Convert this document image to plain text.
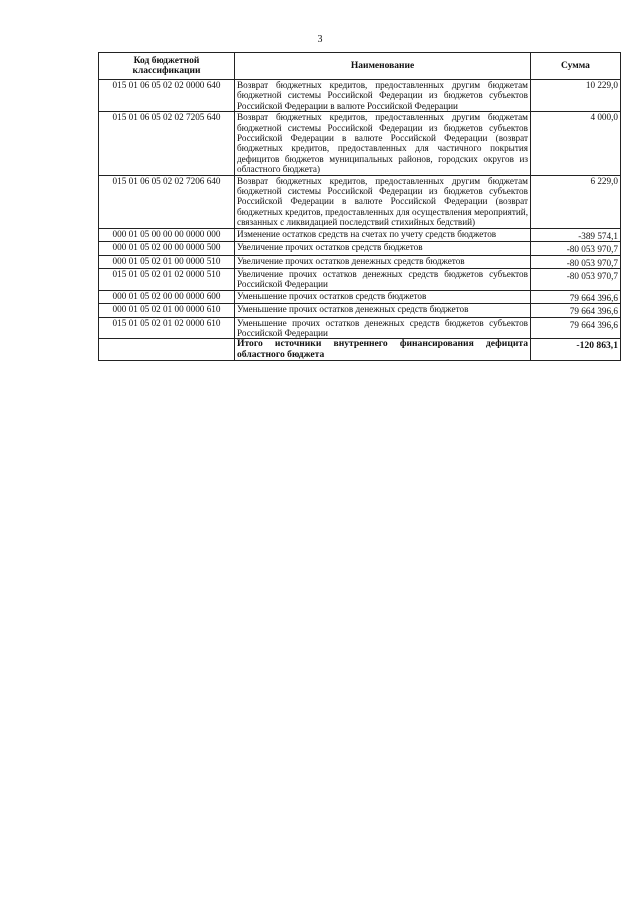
3
Код бюджетной классификации	Наименование	Сумма
015 01 06 05 02 02 0000 640	Возврат бюджетных кредитов, предоставленных другим бюджетам бюджетной системы Российской Федерации из бюджетов субъектов Российской Федерации в валюте Российской Федерации	10 229,0
015 01 06 05 02 02 7205 640	Возврат бюджетных кредитов, предоставленных другим бюджетам бюджетной системы Российской Федерации из бюджетов субъектов Российской Федерации в валюте Российской Федерации (возврат бюджетных кредитов, предоставленных для частичного покрытия дефицитов бюджетов муниципальных районов, городских округов из областного бюджета)	4 000,0
015 01 06 05 02 02 7206 640	Возврат бюджетных кредитов, предоставленных другим бюджетам бюджетной системы Российской Федерации из бюджетов субъектов Российской Федерации в валюте Российской Федерации (возврат бюджетных кредитов, предоставленных для осуществления мероприятий, связанных с ликвидацией последствий стихийных бедствий)	6 229,0
000 01 05 00 00 00 0000 000	Изменение остатков средств на счетах по учету средств бюджетов	-389 574,1
000 01 05 02 00 00 0000 500	Увеличение прочих остатков средств бюджетов	-80 053 970,7
000 01 05 02 01 00 0000 510	Увеличение прочих остатков денежных средств бюджетов	-80 053 970,7
015 01 05 02 01 02 0000 510	Увеличение прочих остатков денежных средств бюджетов субъектов Российской Федерации	-80 053 970,7
000 01 05 02 00 00 0000 600	Уменьшение прочих остатков средств бюджетов	79 664 396,6
000 01 05 02 01 00 0000 610	Уменьшение прочих остатков денежных средств бюджетов	79 664 396,6
015 01 05 02 01 02 0000 610	Уменьшение прочих остатков денежных средств бюджетов субъектов Российской Федерации	79 664 396,6
	Итого источники внутреннего финансирования дефицита областного бюджета	-120 863,1
